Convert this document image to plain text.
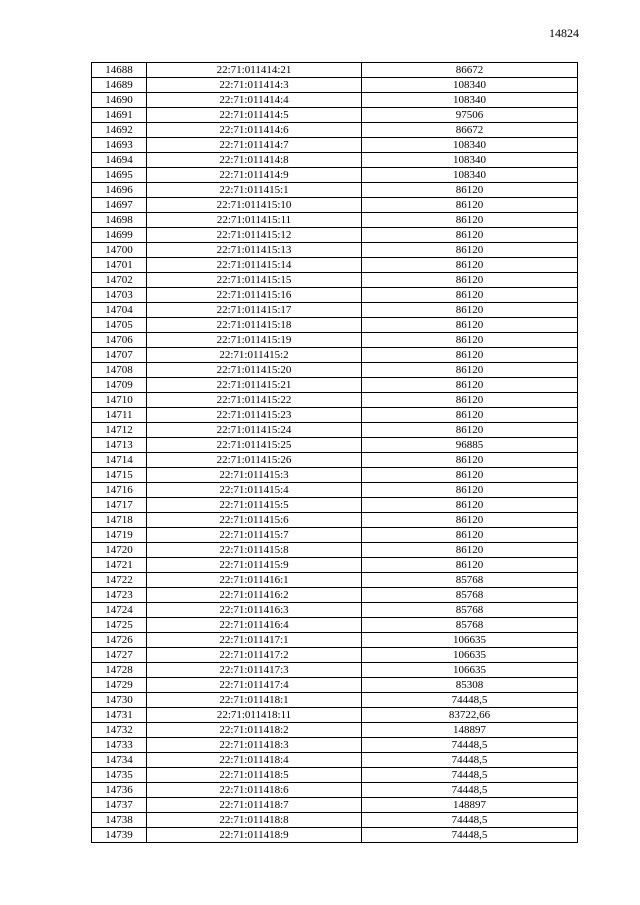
14824
14688	22:71:011414:21	86672
14689	22:71:011414:3	108340
14690	22:71:011414:4	108340
14691	22:71:011414:5	97506
14692	22:71:011414:6	86672
14693	22:71:011414:7	108340
14694	22:71:011414:8	108340
14695	22:71:011414:9	108340
14696	22:71:011415:1	86120
14697	22:71:011415:10	86120
14698	22:71:011415:11	86120
14699	22:71:011415:12	86120
14700	22:71:011415:13	86120
14701	22:71:011415:14	86120
14702	22:71:011415:15	86120
14703	22:71:011415:16	86120
14704	22:71:011415:17	86120
14705	22:71:011415:18	86120
14706	22:71:011415:19	86120
14707	22:71:011415:2	86120
14708	22:71:011415:20	86120
14709	22:71:011415:21	86120
14710	22:71:011415:22	86120
14711	22:71:011415:23	86120
14712	22:71:011415:24	86120
14713	22:71:011415:25	96885
14714	22:71:011415:26	86120
14715	22:71:011415:3	86120
14716	22:71:011415:4	86120
14717	22:71:011415:5	86120
14718	22:71:011415:6	86120
14719	22:71:011415:7	86120
14720	22:71:011415:8	86120
14721	22:71:011415:9	86120
14722	22:71:011416:1	85768
14723	22:71:011416:2	85768
14724	22:71:011416:3	85768
14725	22:71:011416:4	85768
14726	22:71:011417:1	106635
14727	22:71:011417:2	106635
14728	22:71:011417:3	106635
14729	22:71:011417:4	85308
14730	22:71:011418:1	74448,5
14731	22:71:011418:11	83722,66
14732	22:71:011418:2	148897
14733	22:71:011418:3	74448,5
14734	22:71:011418:4	74448,5
14735	22:71:011418:5	74448,5
14736	22:71:011418:6	74448,5
14737	22:71:011418:7	148897
14738	22:71:011418:8	74448,5
14739	22:71:011418:9	74448,5
